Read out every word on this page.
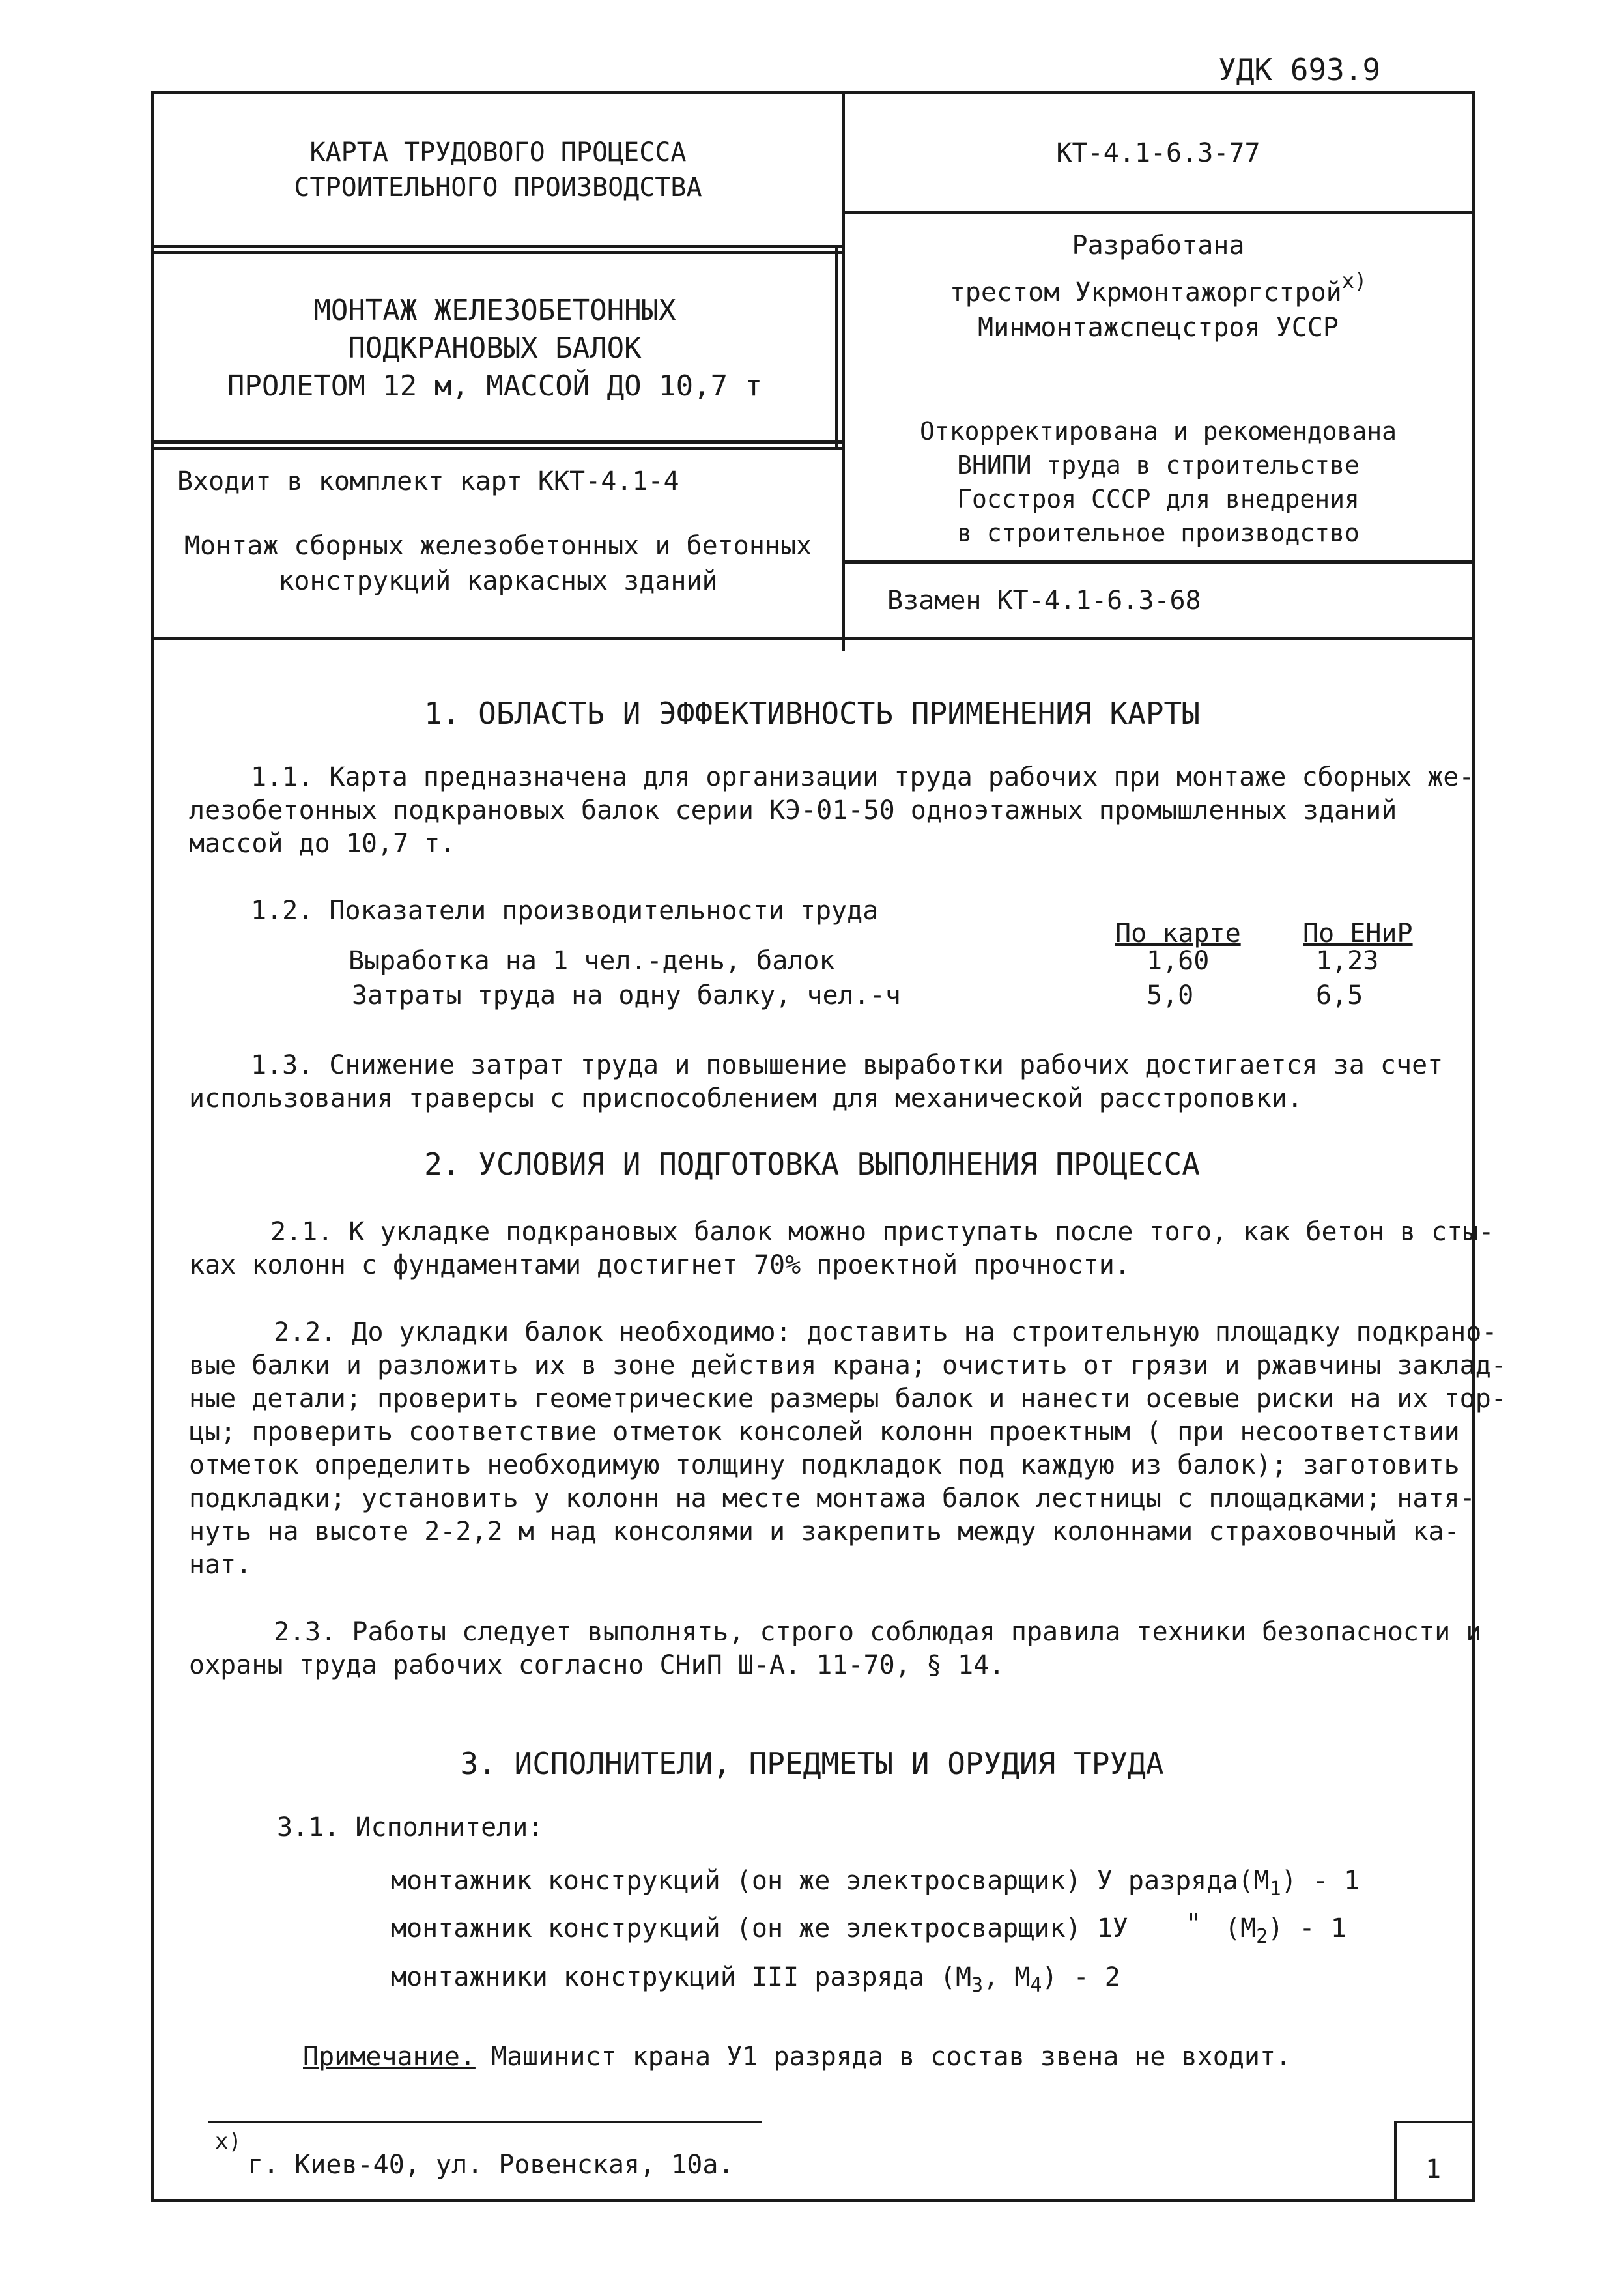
УДК 693.9
КАРТА ТРУДОВОГО ПРОЦЕССА
СТРОИТЕЛЬНОГО ПРОИЗВОДСТВА
КТ-4.1-6.3-77
МОНТАЖ ЖЕЛЕЗОБЕТОННЫХ
ПОДКРАНОВЫХ БАЛОК
ПРОЛЕТОМ 12 м, МАССОЙ ДО 10,7 т
Разработана
трестом Укрмонтажоргстрой$^{х)}$
Минмонтажспецстроя УССР
Откорректирована и рекомендована
ВНИПИ труда в строительстве
Госстроя СССР для внедрения
в строительное производство
Входит в комплект карт ККТ-4.1-4
Монтаж сборных железобетонных и бетонных
конструкций каркасных зданий
Взамен КТ-4.1-6.3-68
1. ОБЛАСТЬ И ЭФФЕКТИВНОСТЬ ПРИМЕНЕНИЯ КАРТЫ
1.1. Карта предназначена для организации труда рабочих при монтаже сборных же-
лезобетонных подкрановых балок серии КЭ-01-50 одноэтажных промышленных зданий
массой до 10,7 т.
1.2. Показатели производительности труда
По карте По ЕНиР
Выработка на 1 чел.-день, балок	1,60	1,23
Затраты труда на одну балку, чел.-ч	5,0	6,5
1.3. Снижение затрат труда и повышение выработки рабочих достигается за счет
использования траверсы с приспособлением для механической расстроповки.
2. УСЛОВИЯ И ПОДГОТОВКА ВЫПОЛНЕНИЯ ПРОЦЕССА
2.1. К укладке подкрановых балок можно приступать после того, как бетон в сты-
ках колонн с фундаментами достигнет 70% проектной прочности.
2.2. До укладки балок необходимо: доставить на строительную площадку подкрано-
вые балки и разложить их в зоне действия крана; очистить от грязи и ржавчины заклад-
ные детали; проверить геометрические размеры балок и нанести осевые риски на их тор-
цы; проверить соответствие отметок консолей колонн проектным ( при несоответствии
отметок определить необходимую толщину подкладок под каждую из балок); заготовить
подкладки; установить у колонн на месте монтажа балок лестницы с площадками; натя-
нуть на высоте 2-2,2 м над консолями и закрепить между колоннами страховочный ка-
нат.
2.3. Работы следует выполнять, строго соблюдая правила техники безопасности и
охраны труда рабочих согласно СНиП Ш-А. 11-70, § 14.
3. ИСПОЛНИТЕЛИ, ПРЕДМЕТЫ И ОРУДИЯ ТРУДА
3.1. Исполнители:
монтажник конструкций (он же электросварщик) У $разряда(М_1) - 1$
монтажник конструкций (он же электросварщик) 1У " $(М_2) - 1$
монтажники конструкций III разряда ($М_3$, $М_4) - 2$
Примечание. Машинист крана У1 разряда в состав звена не входит.
х)
г. Киев-40, ул. Ровенская, 10а.	1
